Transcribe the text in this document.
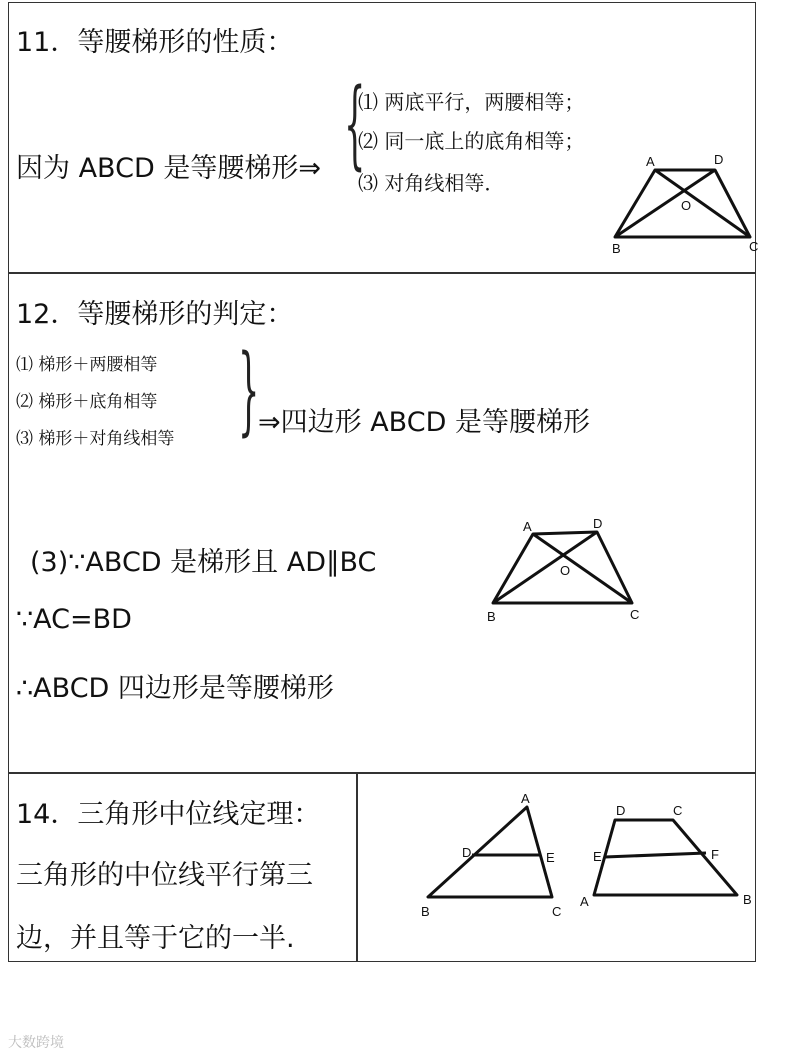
11．等腰梯形的性质：
因为 ABCD 是等腰梯形⇒ {
⑴ 两底平行，两腰相等；
⑵ 同一底上的底角相等；
⑶ 对角线相等．
A	D
O
B	C
12．等腰梯形的判定：
⑴ 梯形＋两腰相等
⑵ 梯形＋底角相等
⑶ 梯形＋对角线相等 }
⇒四边形 ABCD 是等腰梯形
(3)∵ABCD 是梯形且 AD∥BC
∵AC=BD
∴ABCD 四边形是等腰梯形
A	D
O
B	C
14．三角形中位线定理：
三角形的中位线平行第三
边，并且等于它的一半.
A
D	E
B	C
D	C
E	F
A	B
大数跨境
